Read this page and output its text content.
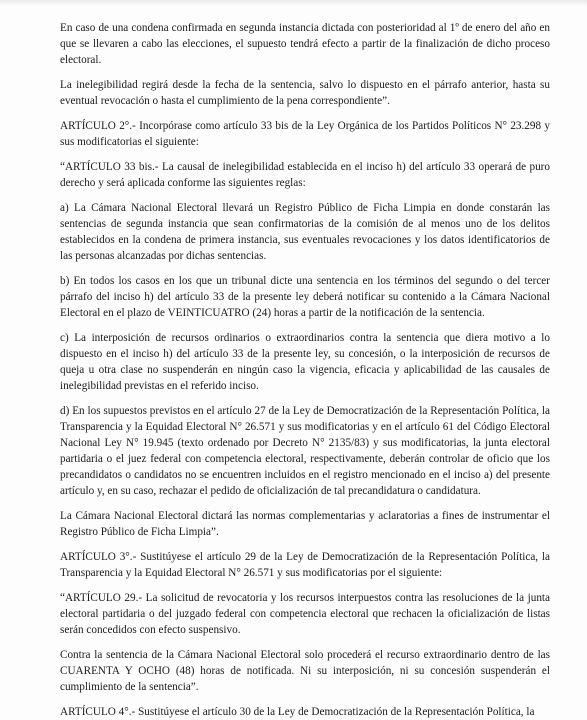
En caso de una condena confirmada en segunda instancia dictada con posterioridad al 1º de enero del año en que se llevaren a cabo las elecciones, el supuesto tendrá efecto a partir de la finalización de dicho proceso electoral.

La inelegibilidad regirá desde la fecha de la sentencia, salvo lo dispuesto en el párrafo anterior, hasta su eventual revocación o hasta el cumplimiento de la pena correspondiente”.

ARTÍCULO 2°.- Incorpórase como artículo 33 bis de la Ley Orgánica de los Partidos Políticos N° 23.298 y sus modificatorias el siguiente:

“ARTÍCULO 33 bis.- La causal de inelegibilidad establecida en el inciso h) del artículo 33 operará de puro derecho y será aplicada conforme las siguientes reglas:

a) La Cámara Nacional Electoral llevará un Registro Público de Ficha Limpia en donde constarán las sentencias de segunda instancia que sean confirmatorias de la comisión de al menos uno de los delitos establecidos en la condena de primera instancia, sus eventuales revocaciones y los datos identificatorios de las personas alcanzadas por dichas sentencias.

b) En todos los casos en los que un tribunal dicte una sentencia en los términos del segundo o del tercer párrafo del inciso h) del artículo 33 de la presente ley deberá notificar su contenido a la Cámara Nacional Electoral en el plazo de VEINTICUATRO (24) horas a partir de la notificación de la sentencia.

c) La interposición de recursos ordinarios o extraordinarios contra la sentencia que diera motivo a lo dispuesto en el inciso h) del artículo 33 de la presente ley, su concesión, o la interposición de recursos de queja u otra clase no suspenderán en ningún caso la vigencia, eficacia y aplicabilidad de las causales de inelegibilidad previstas en el referido inciso.

d) En los supuestos previstos en el artículo 27 de la Ley de Democratización de la Representación Política, la Transparencia y la Equidad Electoral N° 26.571 y sus modificatorias y en el artículo 61 del Código Electoral Nacional Ley N° 19.945 (texto ordenado por Decreto N° 2135/83) y sus modificatorias, la junta electoral partidaria o el juez federal con competencia electoral, respectivamente, deberán controlar de oficio que los precandidatos o candidatos no se encuentren incluidos en el registro mencionado en el inciso a) del presente artículo y, en su caso, rechazar el pedido de oficialización de tal precandidatura o candidatura.

La Cámara Nacional Electoral dictará las normas complementarias y aclaratorias a fines de instrumentar el Registro Público de Ficha Limpia”.

ARTÍCULO 3°.- Sustitúyese el artículo 29 de la Ley de Democratización de la Representación Política, la Transparencia y la Equidad Electoral N° 26.571 y sus modificatorias por el siguiente:

“ARTÍCULO 29.- La solicitud de revocatoria y los recursos interpuestos contra las resoluciones de la junta electoral partidaria o del juzgado federal con competencia electoral que rechacen la oficialización de listas serán concedidos con efecto suspensivo.

Contra la sentencia de la Cámara Nacional Electoral solo procederá el recurso extraordinario dentro de las CUARENTA Y OCHO (48) horas de notificada. Ni su interposición, ni su concesión suspenderán el cumplimiento de la sentencia”.

ARTÍCULO 4°.- Sustitúyese el artículo 30 de la Ley de Democratización de la Representación Política, la
